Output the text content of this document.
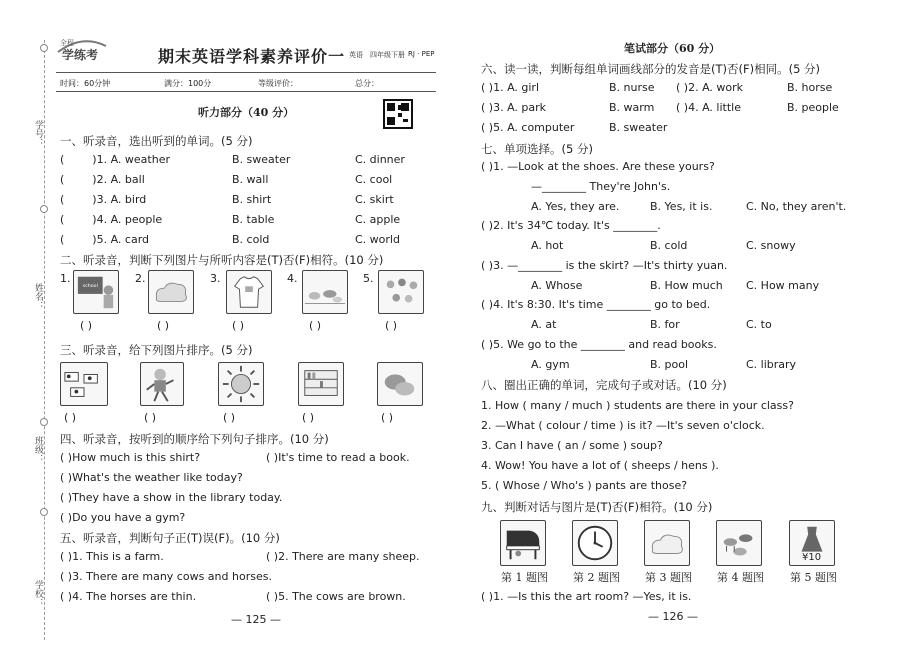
学号：
姓名：
班级：
学校：
全程
学练考	期末英语学科素养评价一 英语 四年级下册 RJ · PEP
时间：60分钟	满分：100分	等级评价：	总分：
听力部分（40 分）
一、听录音，选出听到的单词。(5 分)
(	)1. A. weather	B. sweater	C. dinner
(	)2. A. ball	B. wall	C. cool
(	)3. A. bird	B. shirt	C. skirt
(	)4. A. people	B. table	C. apple
(	)5. A. card	B. cold	C. world
二、听录音，判断下列图片与所听内容是(T)否(F)相符。(10 分)
1.	2.	3.	4.	5.
school
( )	( )	( )	( )	( )
三、听录音，给下列图片排序。(5 分)
( )	( )	( )	( )	( )
四、听录音，按听到的顺序给下列句子排序。(10 分)
( )How much is this shirt?	( )It's time to read a book.
( )What's the weather like today?
( )They have a show in the library today.
( )Do you have a gym?
五、听录音，判断句子正(T)误(F)。(10 分)
( )1. This is a farm.	( )2. There are many sheep.
( )3. There are many cows and horses.
( )4. The horses are thin.	( )5. The cows are brown.
— 125 —
笔试部分（60 分）
六、读一读，判断每组单词画线部分的发音是(T)否(F)相同。(5 分)
( )1. A. girl	B. nurse ( )2. A. work	B. horse
( )3. A. park	B. warm ( )4. A. little	B. people
( )5. A. computer	B. sweater
七、单项选择。(5 分)
( )1. —Look at the shoes. Are these yours?
—________ They're John's.
A. Yes, they are.	B. Yes, it is.	C. No, they aren't.
( )2. It's 34℃ today. It's ________.
A. hot	B. cold	C. snowy
( )3. —________ is the skirt? —It's thirty yuan.
A. Whose	B. How much C. How many
( )4. It's 8:30. It's time ________ go to bed.
A. at	B. for	C. to
( )5. We go to the ________ and read books.
A. gym	B. pool	C. library
八、圈出正确的单词，完成句子或对话。(10 分)
1. How ( many / much ) students are there in your class?
2. —What ( colour / time ) is it? —It's seven o'clock.
3. Can I have ( an / some ) soup?
4. Wow! You have a lot of ( sheeps / hens ).
5. ( Whose / Who's ) pants are those?
九、判断对话与图片是(T)否(F)相符。(10 分)
¥10
第 1 题图 第 2 题图 第 3 题图 第 4 题图 第 5 题图
( )1. —Is this the art room? —Yes, it is.
— 126 —
